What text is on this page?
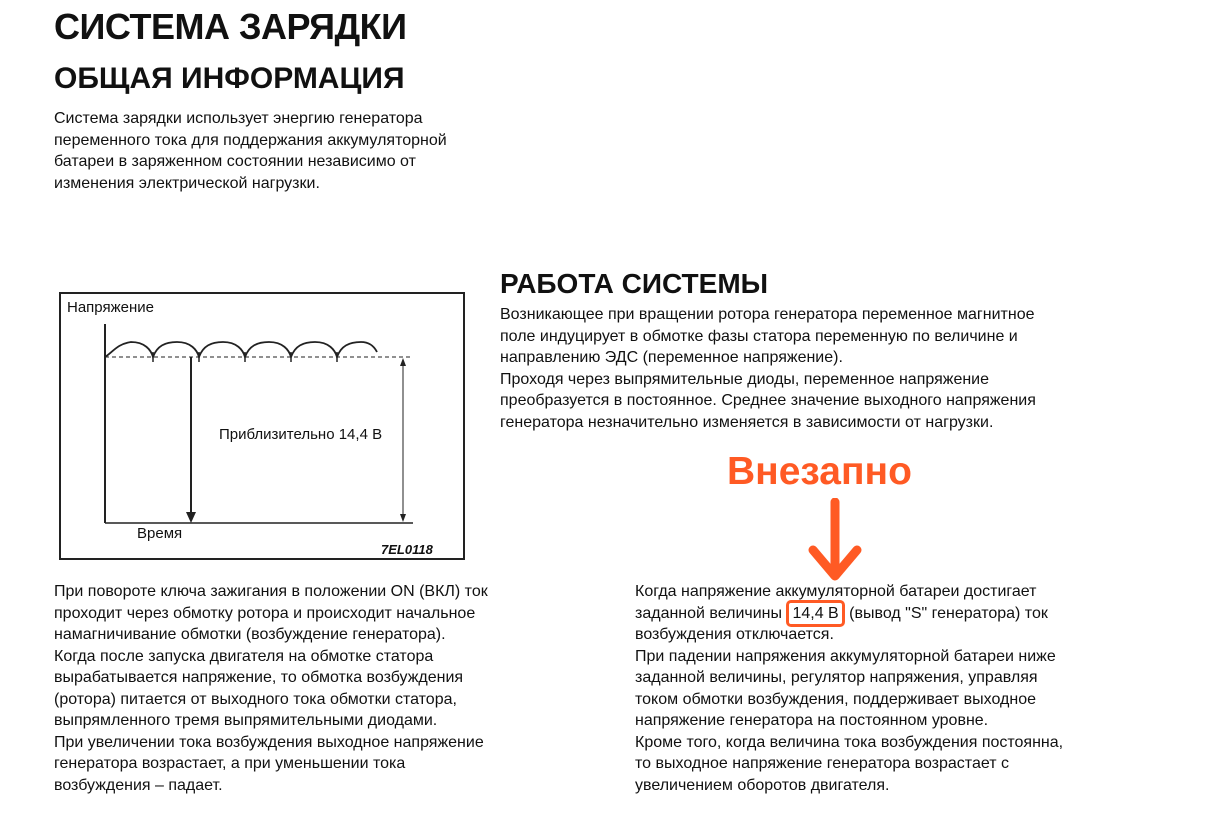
СИСТЕМА ЗАРЯДКИ
ОБЩАЯ ИНФОРМАЦИЯ
Система зарядки использует энергию генератора
переменного тока для поддержания аккумуляторной
батареи в заряженном состоянии независимо от
изменения электрической нагрузки.
Напряжение
Приблизительно 14,4 В
Время
7EL0118
РАБОТА СИСТЕМЫ
Возникающее при вращении ротора генератора переменное магнитное
поле индуцирует в обмотке фазы статора переменную по величине и
направлению ЭДС (переменное напряжение).
Проходя через выпрямительные диоды, переменное напряжение
преобразуется в постоянное. Среднее значение выходного напряжения
генератора незначительно изменяется в зависимости от нагрузки.
Внезапно
При повороте ключа зажигания в положении ON (ВКЛ) ток
проходит через обмотку ротора и происходит начальное
намагничивание обмотки (возбуждение генератора).
Когда после запуска двигателя на обмотке статора
вырабатывается напряжение, то обмотка возбуждения
(ротора) питается от выходного тока обмотки статора,
выпрямленного тремя выпрямительными диодами.
При увеличении тока возбуждения выходное напряжение
генератора возрастает, а при уменьшении тока
возбуждения – падает.
Когда напряжение аккумуляторной батареи достигает
заданной величины 14,4 В (вывод "S" генератора) ток
возбуждения отключается.
При падении напряжения аккумуляторной батареи ниже
заданной величины, регулятор напряжения, управляя
током обмотки возбуждения, поддерживает выходное
напряжение генератора на постоянном уровне.
Кроме того, когда величина тока возбуждения постоянна,
то выходное напряжение генератора возрастает с
увеличением оборотов двигателя.
